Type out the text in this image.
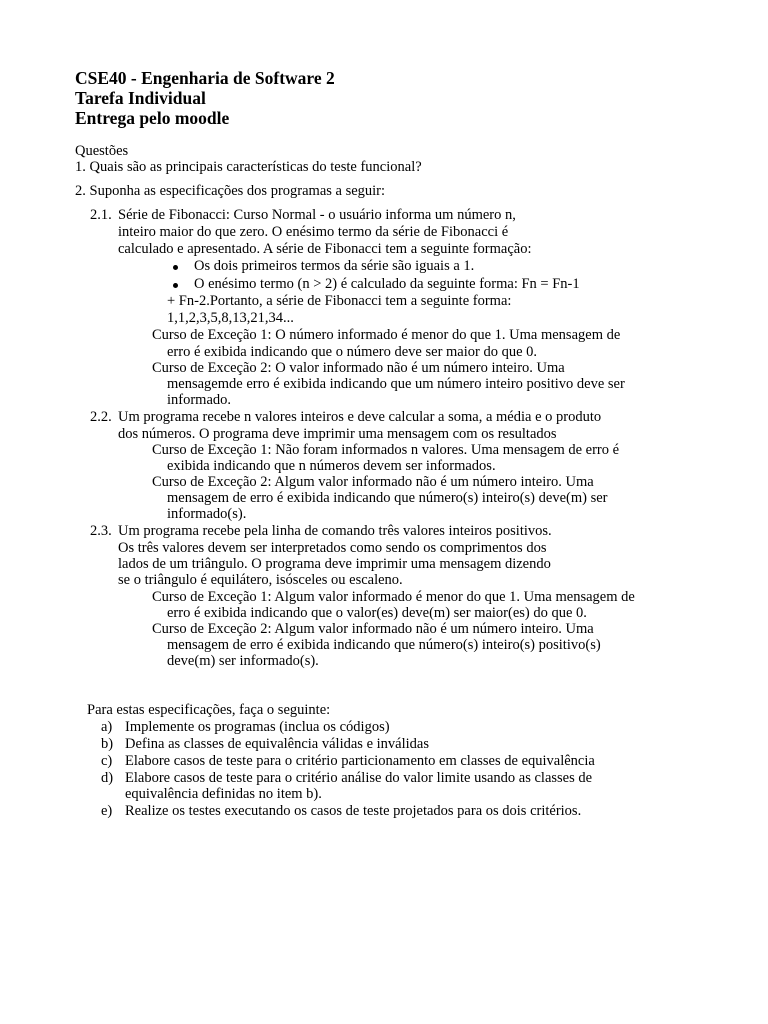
CSE40 - Engenharia de Software 2
Tarefa Individual
Entrega pelo moodle
Questões
1. Quais são as principais características do teste funcional?
2. Suponha as especificações dos programas a seguir:
2.1. Série de Fibonacci: Curso Normal - o usuário informa um número n,
inteiro maior do que zero. O enésimo termo da série de Fibonacci é
calculado e apresentado. A série de Fibonacci tem a seguinte formação:
Os dois primeiros termos da série são iguais a 1.
O enésimo termo (n > 2) é calculado da seguinte forma: Fn = Fn-1
+ Fn-2.Portanto, a série de Fibonacci tem a seguinte forma:
1,1,2,3,5,8,13,21,34...
Curso de Exceção 1: O número informado é menor do que 1. Uma mensagem de
erro é exibida indicando que o número deve ser maior do que 0.
Curso de Exceção 2: O valor informado não é um número inteiro. Uma
mensagemde erro é exibida indicando que um número inteiro positivo deve ser
informado.
2.2. Um programa recebe n valores inteiros e deve calcular a soma, a média e o produto
dos números. O programa deve imprimir uma mensagem com os resultados
Curso de Exceção 1: Não foram informados n valores. Uma mensagem de erro é
exibida indicando que n números devem ser informados.
Curso de Exceção 2: Algum valor informado não é um número inteiro. Uma
mensagem de erro é exibida indicando que número(s) inteiro(s) deve(m) ser
informado(s).
2.3. Um programa recebe pela linha de comando três valores inteiros positivos.
Os três valores devem ser interpretados como sendo os comprimentos dos
lados de um triângulo. O programa deve imprimir uma mensagem dizendo
se o triângulo é equilátero, isósceles ou escaleno.
Curso de Exceção 1: Algum valor informado é menor do que 1. Uma mensagem de
erro é exibida indicando que o valor(es) deve(m) ser maior(es) do que 0.
Curso de Exceção 2: Algum valor informado não é um número inteiro. Uma
mensagem de erro é exibida indicando que número(s) inteiro(s) positivo(s)
deve(m) ser informado(s).
Para estas especificações, faça o seguinte:
a) Implemente os programas (inclua os códigos)
b) Defina as classes de equivalência válidas e inválidas
c) Elabore casos de teste para o critério particionamento em classes de equivalência
d) Elabore casos de teste para o critério análise do valor limite usando as classes de
equivalência definidas no item b).
e) Realize os testes executando os casos de teste projetados para os dois critérios.
